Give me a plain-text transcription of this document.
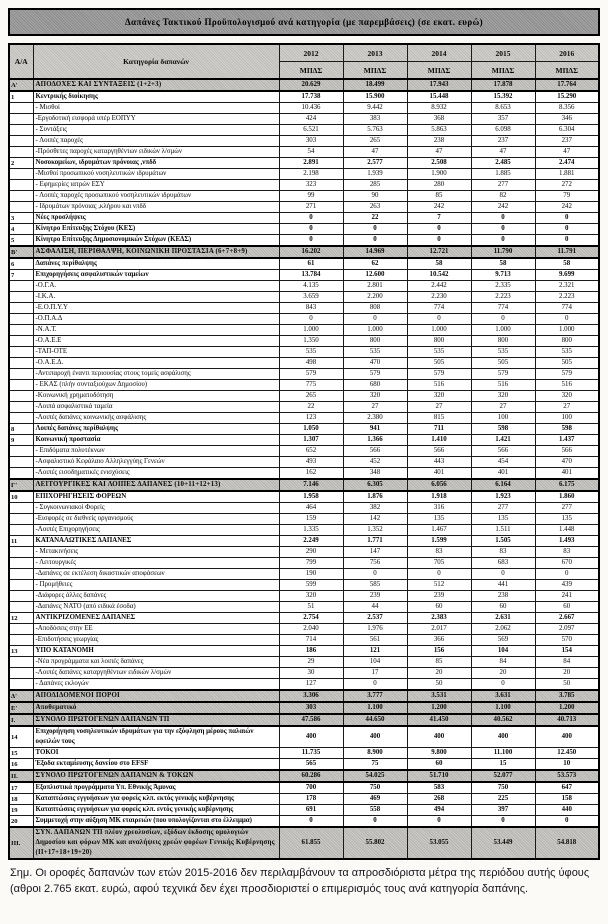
Δαπάνες Τακτικού Προϋπολογισμού ανά κατηγορία (με παρεμβάσεις) (σε εκατ. ευρώ)
Α/Α	Κατηγορία δαπανών	2012	2013	2014	2015	2016
		ΜΠΔΣ	ΜΠΔΣ	ΜΠΔΣ	ΜΠΔΣ	ΜΠΔΣ
Α'	ΑΠΟΔΟΧΕΣ ΚΑΙ ΣΥΝΤΑΞΕΙΣ (1+2+3)	20.629	18.499	17.943	17.878	17.764
1	Κεντρικής διοίκησης	17.738	15.900	15.448	15.392	15.290
	- Μισθοί	10.436	9.442	8.932	8.653	8.356
	-Εργοδοτική εισφορά υπέρ ΕΟΠΥΥ	424	383	368	357	346
	- Συντάξεις	6.521	5.763	5.863	6.098	6.304
	- Λοιπές παροχές	303	265	238	237	237
	-Πρόσθετες παροχές καταργηθέντων ειδικών λ/σμών	54	47	47	47	47
2	Νοσοκομείων, ιδρυμάτων πρόνοιας ,νπδδ	2.891	2.577	2.508	2.485	2.474
	-Μισθοί προσωπικού νοσηλευτικών ιδρυμάτων	2.198	1.939	1.900	1.885	1.881
	- Εφημερίες ιατρών ΕΣΥ	323	285	280	277	272
	- Λοιπές παροχές προσωπικού νοσηλευτικών ιδρυμάτων	99	90	85	82	79
	- Ιδρυμάτων πρόνοιας ,κλήρου και νπδδ	271	263	242	242	242
3	Νέες προσλήψεις	0	22	7	0	0
4	Κίνητρο Επίτευξης Στόχου (ΚΕΣ)	0	0	0	0	0
5	Κίνητρο Επίτευξης Δημοσιονομικών Στόχων (ΚΕΔΣ)	0	0	0	0	0
Β'	ΑΣΦΑΛΙΣΗ, ΠΕΡΙΘΑΛΨΗ, ΚΟΙΝΩΝΙΚΗ ΠΡΟΣΤΑΣΙΑ (6+7+8+9)	16.202	14.969	12.721	11.790	11.791
6	Δαπάνες περίθαλψης	61	62	58	58	58
7	Επιχορηγήσεις ασφαλιστικών ταμείων	13.784	12.600	10.542	9.713	9.699
	-Ο.Γ.Α.	4.135	2.801	2.442	2.335	2.321
	-Ι.Κ.Α.	3.659	2.200	2.230	2.223	2.223
	-Ε.Ο.Π.Υ.Υ	843	808	774	774	774
	-Ο.Π.Α.Δ	0	0	0	0	0
	-Ν.Α.Τ.	1.000	1.000	1.000	1.000	1.000
	-Ο.Α.Ε.Ε	1.350	800	800	800	800
	-ΤΑΠ-ΟΤΕ	535	535	535	535	535
	-Ο.Α.Ε.Δ.	498	470	505	505	505
	-Αντιπαροχή έναντι περιουσίας στους τομείς ασφάλισης	579	579	579	579	579
	- ΕΚΑΣ (πλήν συνταξιούχων Δημοσίου)	775	680	516	516	516
	-Κοινωνική χρηματοδότηση	265	320	320	320	320
	-Λοιπά ασφαλιστικά ταμεία	22	27	27	27	27
	-Λοιπές δαπάνες κοινωνικής ασφάλισης	123	2.380	815	100	100
8	Λοιπές δαπάνες περίθαλψης	1.050	941	711	598	598
9	Κοινωνική προστασία	1.307	1.366	1.410	1.421	1.437
	- Επιδόματα πολυτέκνων	652	566	566	566	566
	-Ασφαλιστικό Κεφάλαιο Αλληλεγγύης Γενεών	493	452	443	454	470
	-Λοιπές εισοδηματικές ενισχύσεις	162	348	401	401	401
Γ'	ΛΕΙΤΟΥΡΓΙΚΕΣ ΚΑΙ ΛΟΙΠΕΣ ΔΑΠΑΝΕΣ (10+11+12+13)	7.146	6.305	6.056	6.164	6.175
10	ΕΠΙΧΟΡΗΓΗΣΕΙΣ ΦΟΡΕΩΝ	1.958	1.876	1.918	1.923	1.860
	- Συγκοινωνιακοί Φορείς	464	382	316	277	277
	-Εισφορές σε διεθνείς οργανισμούς	159	142	135	135	135
	-Λοιπές Επιχορηγήσεις	1.335	1.352	1.467	1.511	1.448
11	ΚΑΤΑΝΑΛΩΤΙΚΕΣ ΔΑΠΑΝΕΣ	2.249	1.771	1.599	1.505	1.493
	- Μετακινήσεις	290	147	83	83	83
	- Λειτουργικές	799	756	705	683	670
	-Δαπάνες σε εκτέλεση δικαστικών αποφάσεων	190	0	0	0	0
	- Προμήθειες	599	585	512	441	439
	-Διάφορες άλλες δαπάνες	320	239	239	238	241
	-Δαπάνες ΝΑΤΟ (από ειδικά έσοδα)	51	44	60	60	60
12	ΑΝΤΙΚΡΙΖΟΜΕΝΕΣ ΔΑΠΑΝΕΣ	2.754	2.537	2.383	2.631	2.667
	-Αποδόσεις στην ΕΕ	2.040	1.976	2.017	2.062	2.097
	-Επιδοτήσεις γεωργίας	714	561	366	569	570
13	ΥΠΟ ΚΑΤΑΝΟΜΗ	186	121	156	104	154
	-Νέα προγράμματα και λοιπές δαπάνες	29	104	85	84	84
	-Λοιπές δαπάνες καταργηθέντων ειδικών λ/σμών	30	17	20	20	20
	- Δαπάνες εκλογών	127	0	50	0	50
Δ'	ΑΠΟΔΙΔΟΜΕΝΟΙ ΠΟΡΟΙ	3.306	3.777	3.531	3.631	3.785
Ε'	Αποθεματικό	303	1.100	1.200	1.100	1.200
Ι.	ΣΥΝΟΛΟ ΠΡΩΤΟΓΕΝΩΝ ΔΑΠΑΝΩΝ ΤΠ	47.586	44.650	41.450	40.562	40.713
14	Επιχορήγηση νοσηλευτικών ιδρυμάτων για την εξόφληση μέρους παλαιών οφειλών τους	400	400	400	400	400
15	ΤΟΚΟΙ	11.735	8.900	9.800	11.100	12.450
16	Έξοδα εκταμίευσης δανείου στο EFSF	565	75	60	15	10
ΙΙ.	ΣΥΝΟΛΟ ΠΡΩΤΟΓΕΝΩΝ ΔΑΠΑΝΩΝ & ΤΟΚΩΝ	60.286	54.025	51.710	52.077	53.573
17	Εξοπλιστικά προγράμματα Υπ. Εθνικής Άμυνας	700	750	583	750	647
18	Καταπτώσεις εγγυήσεων για φορείς κλπ. εκτός γενικής κυβέρνησης	178	469	268	225	158
19	Καταπτώσεις εγγυήσεων για φορείς κλπ. εντός γενικής κυβέρνησης	691	558	494	397	440
20	Συμμετοχή στην αύξηση ΜΚ εταιρειών (που υπολογίζονται στο έλλειμμα)	0	0	0	0	0
ΙΙΙ.	ΣΥΝ. ΔΑΠΑΝΩΝ ΤΠ πλέον χρεολυσίων, εξόδων έκδοσης ομολογιών Δημοσίου και φόρων ΜΚ και αναλήψεις χρεών φορέων Γενικής Κυβέρνησης (ΙΙ+17+18+19+20)	61.855	55.802	53.055	53.449	54.818

Σημ. Οι οροφές δαπανών των ετών 2015-2016 δεν περιλαμβάνουν τα απροσδιόριστα μέτρα της περιόδου αυτής ύφους (αθροι 2.765 εκατ. ευρώ, αφού τεχνικά δεν έχει προσδιοριστεί ο επιμερισμός τους ανά κατηγορία δαπάνης.
